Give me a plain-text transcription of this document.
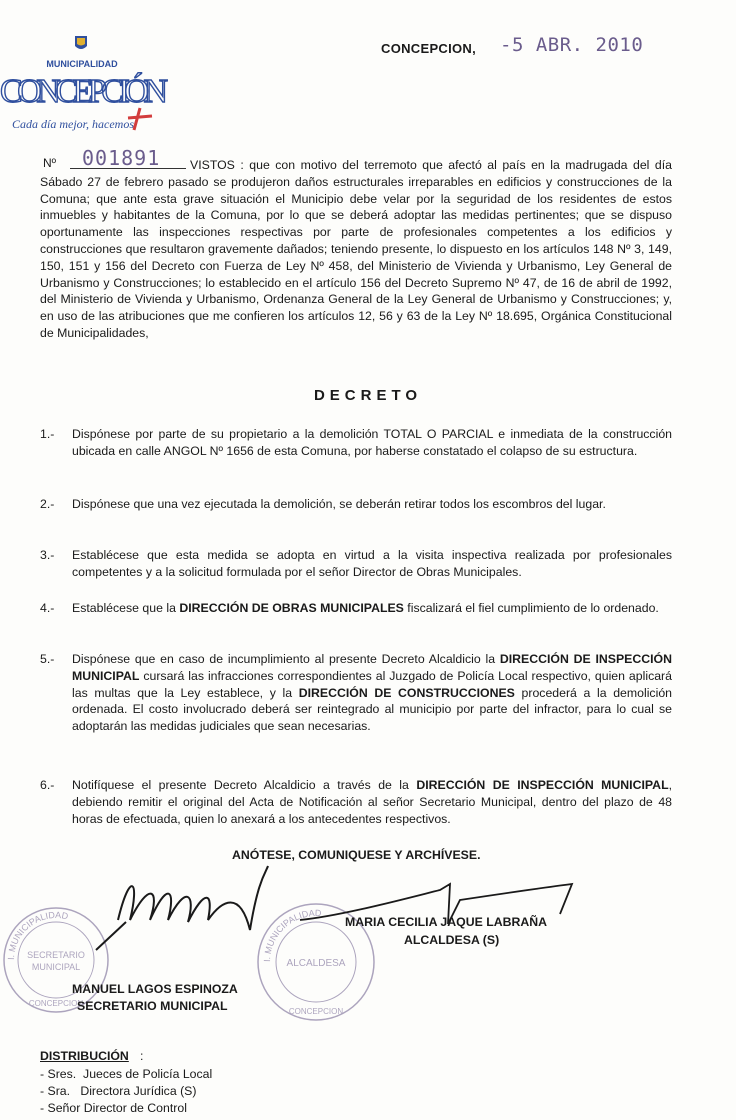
MUNICIPALIDAD
CONCEPCIÓN
Cada día mejor, hacemos
CONCEPCION, -5 ABR. 2010
Nº 001891	VISTOS : que con motivo del terremoto que afectó al país en la madrugada del día Sábado 27 de febrero pasado se produjeron daños estructurales irreparables en edificios y construcciones de la Comuna; que ante esta grave situación el Municipio debe velar por la seguridad de los residentes de estos inmuebles y habitantes de la Comuna, por lo que se deberá adoptar las medidas pertinentes; que se dispuso oportunamente las inspecciones respectivas por parte de profesionales competentes a los edificios y construcciones que resultaron gravemente dañados; teniendo presente, lo dispuesto en los artículos 148 Nº 3, 149, 150, 151 y 156 del Decreto con Fuerza de Ley Nº 458, del Ministerio de Vivienda y Urbanismo, Ley General de Urbanismo y Construcciones; lo establecido en el artículo 156 del Decreto Supremo Nº 47, de 16 de abril de 1992, del Ministerio de Vivienda y Urbanismo, Ordenanza General de la Ley General de Urbanismo y Construcciones; y, en uso de las atribuciones que me confieren los artículos 12, 56 y 63 de la Ley Nº 18.695, Orgánica Constitucional de Municipalidades,
DECRETO
1.-	Dispónese por parte de su propietario a la demolición TOTAL O PARCIAL e inmediata de la construcción ubicada en calle ANGOL Nº 1656 de esta Comuna, por haberse constatado el colapso de su estructura.
2.-	Dispónese que una vez ejecutada la demolición, se deberán retirar todos los escombros del lugar.
3.-	Establécese que esta medida se adopta en virtud a la visita inspectiva realizada por profesionales competentes y a la solicitud formulada por el señor Director de Obras Municipales.
4.-	Establécese que la DIRECCIÓN DE OBRAS MUNICIPALES fiscalizará el fiel cumplimiento de lo ordenado.
5.-	Dispónese que en caso de incumplimiento al presente Decreto Alcaldicio la DIRECCIÓN DE INSPECCIÓN MUNICIPAL cursará las infracciones correspondientes al Juzgado de Policía Local respectivo, quien aplicará las multas que la Ley establece, y la DIRECCIÓN DE CONSTRUCCIONES procederá a la demolición ordenada. El costo involucrado deberá ser reintegrado al municipio por parte del infractor, para lo cual se adoptarán las medidas judiciales que sean necesarias.
6.-	Notifíquese el presente Decreto Alcaldicio a través de la DIRECCIÓN DE INSPECCIÓN MUNICIPAL, debiendo remitir el original del Acta de Notificación al señor Secretario Municipal, dentro del plazo de 48 horas de efectuada, quien lo anexará a los antecedentes respectivos.
ANÓTESE, COMUNIQUESE Y ARCHÍVESE.
I. MUNICIPALIDAD
SECRETARIO
MUNICIPAL
CONCEPCION
I. MUNICIPALIDAD
ALCALDESA
CONCEPCION
MARIA CECILIA JAQUE LABRAÑA
ALCALDESA (S)
MANUEL LAGOS ESPINOZA
SECRETARIO MUNICIPAL
DISTRIBUCIÓN :
- Sres.  Jueces de Policía Local
- Sra.   Directora Jurídica (S)
- Señor Director de Control
